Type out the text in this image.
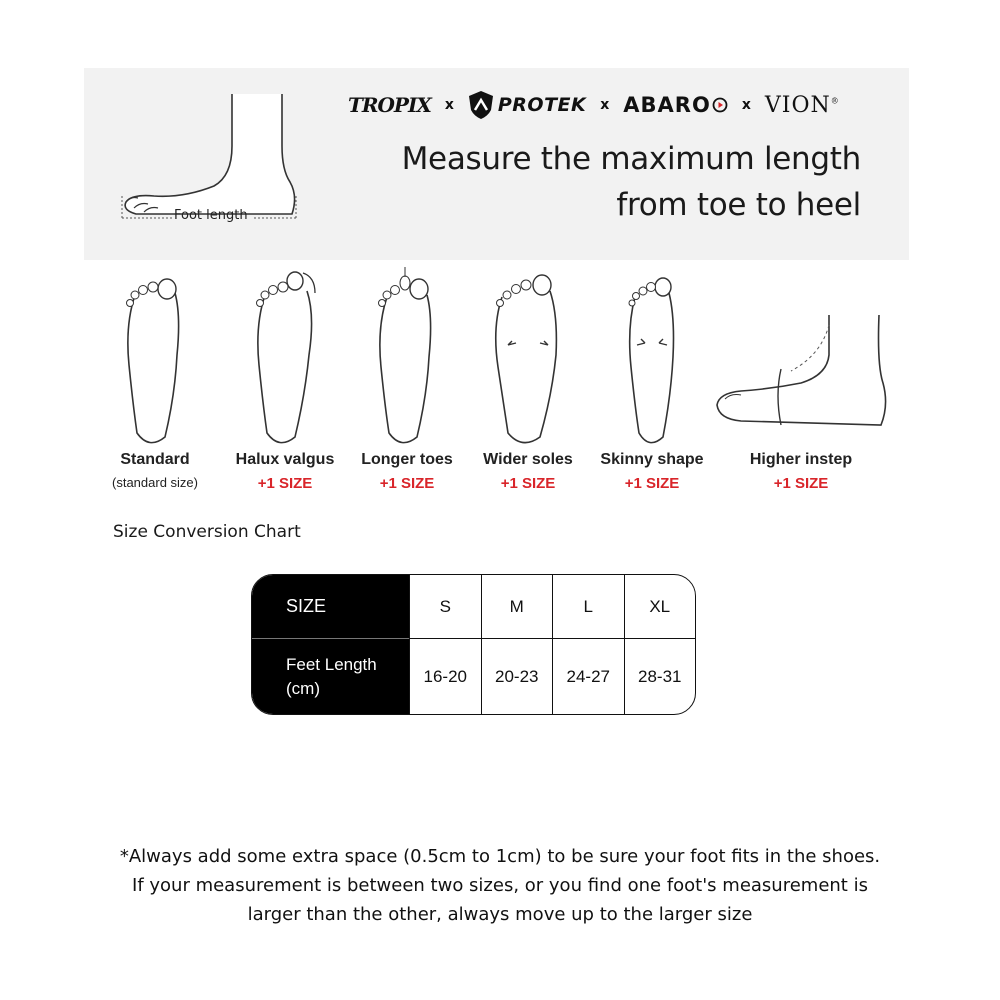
Foot length
TROPIX x PROTEK x ABARO x VION®
Measure the maximum length
from toe to heel
Standard
(standard size)
Halux valgus
+1 SIZE
Longer toes
+1 SIZE
Wider soles
+1 SIZE
Skinny shape
+1 SIZE
Higher instep
+1 SIZE
Size Conversion Chart
SIZE	S	M	L	XL
Feet Length
(cm)
16-20	20-23	24-27	28-31
*Always add some extra space (0.5cm to 1cm) to be sure your foot fits in the shoes.
If your measurement is between two sizes, or you find one foot's measurement is
larger than the other, always move up to the larger size
